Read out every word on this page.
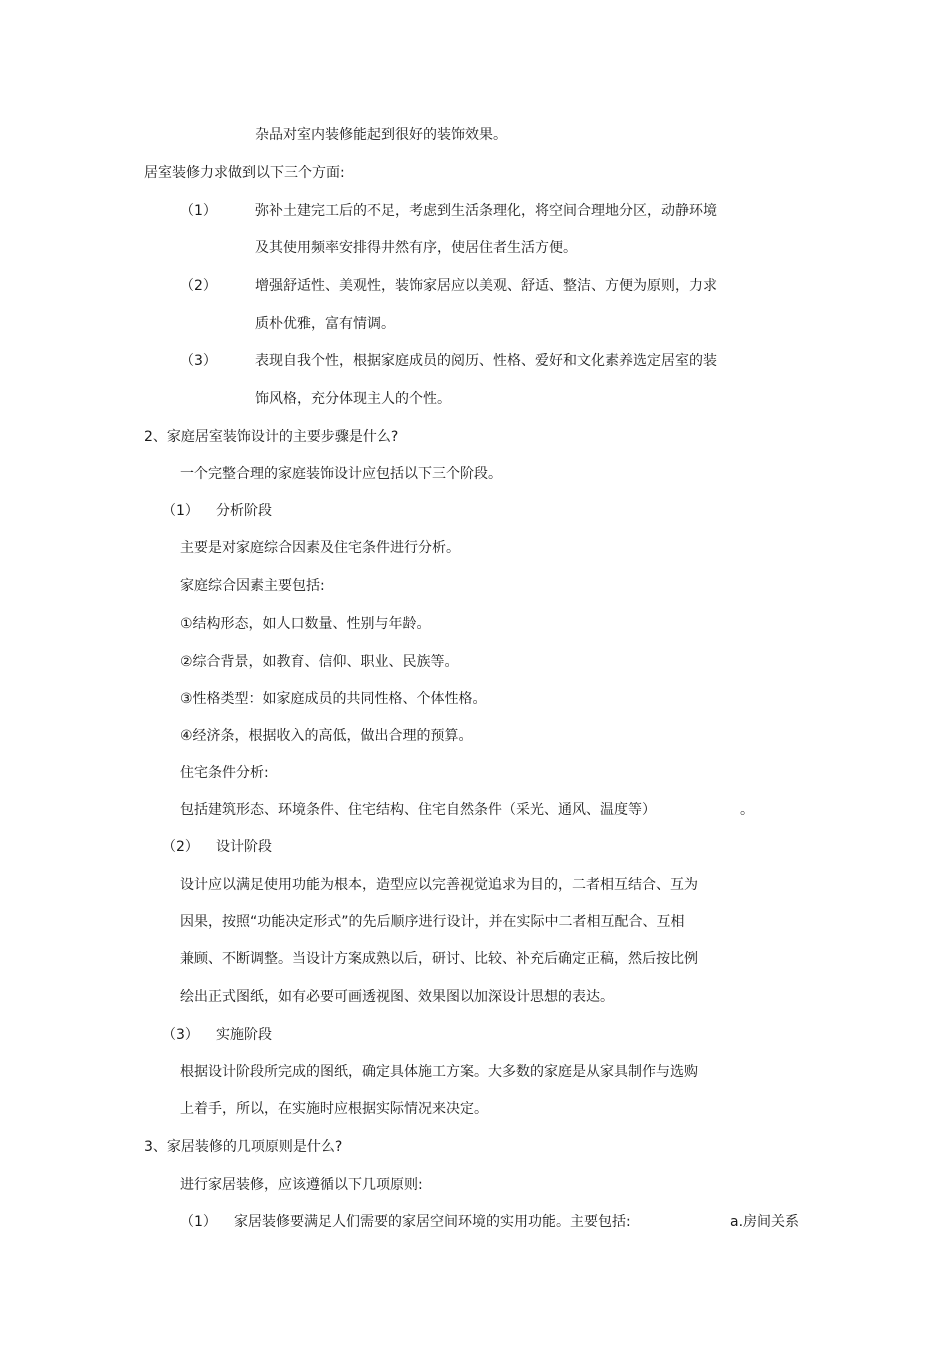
杂品对室内装修能起到很好的装饰效果。
居室装修力求做到以下三个方面:
（1）	弥补土建完工后的不足，考虑到生活条理化，将空间合理地分区，动静环境
及其使用频率安排得井然有序，使居住者生活方便。
（2）	增强舒适性、美观性，装饰家居应以美观、舒适、整洁、方便为原则，力求
质朴优雅，富有情调。
（3）	表现自我个性，根据家庭成员的阅历、性格、爱好和文化素养选定居室的装
饰风格，充分体现主人的个性。
2、家庭居室装饰设计的主要步骤是什么?
一个完整合理的家庭装饰设计应包括以下三个阶段。
（1） 分析阶段
主要是对家庭综合因素及住宅条件进行分析。
家庭综合因素主要包括:
①结构形态，如人口数量、性别与年龄。
②综合背景，如教育、信仰、职业、民族等。
③性格类型：如家庭成员的共同性格、个体性格。
④经济条，根据收入的高低，做出合理的预算。
住宅条件分析:
包括建筑形态、环境条件、住宅结构、住宅自然条件（采光、通风、温度等）	。
（2） 设计阶段
设计应以满足使用功能为根本，造型应以完善视觉追求为目的，二者相互结合、互为
因果，按照“功能决定形式”的先后顺序进行设计，并在实际中二者相互配合、互相
兼顾、不断调整。当设计方案成熟以后，研讨、比较、补充后确定正稿，然后按比例
绘出正式图纸，如有必要可画透视图、效果图以加深设计思想的表达。
（3） 实施阶段
根据设计阶段所完成的图纸，确定具体施工方案。大多数的家庭是从家具制作与选购
上着手，所以，在实施时应根据实际情况来决定。
3、家居装修的几项原则是什么?
进行家居装修，应该遵循以下几项原则:
（1） 家居装修要满足人们需要的家居空间环境的实用功能。主要包括:	a.房间关系
